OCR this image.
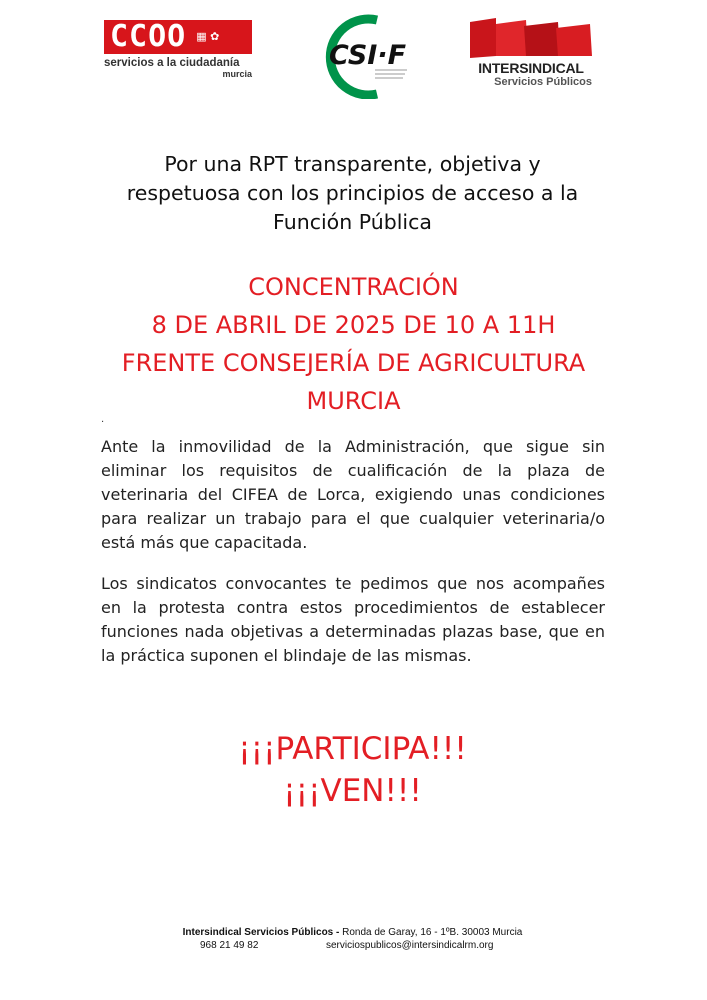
CCOO ▦ ✿
servicios a la ciudadanía
murcia
CSI·F	INTERSINDICAL
Servicios Públicos
Por una RPT transparente, objetiva y
respetuosa con los principios de acceso a la
Función Pública
CONCENTRACIÓN
8 DE ABRIL DE 2025 DE 10 A 11H
FRENTE CONSEJERÍA DE AGRICULTURA
MURCIA
.

Ante la inmovilidad de la Administración, que sigue sin eliminar los requisitos de cualificación de la plaza de veterinaria del CIFEA de Lorca, exigiendo unas condiciones para realizar un trabajo para el que cualquier veterinaria/o está más que capacitada.

Los sindicatos convocantes te pedimos que nos acompañes en la protesta contra estos procedimientos de establecer funciones nada objetivas a determinadas plazas base, que en la práctica suponen el blindaje de las mismas.

¡¡¡PARTICIPA!!!
¡¡¡VEN!!!
Intersindical Servicios Públicos - Ronda de Garay, 16 - 1ºB. 30003 Murcia
968 21 49 82	serviciospublicos@intersindicalrm.org
